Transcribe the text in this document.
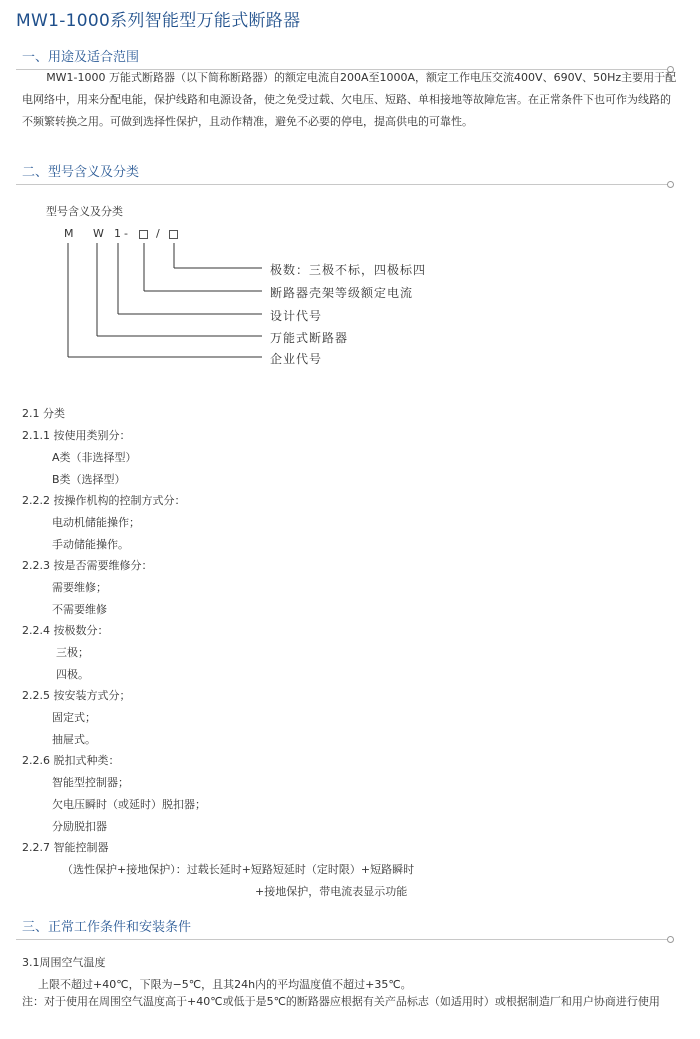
MW1-1000系列智能型万能式断路器
一、用途及适合范围
MW1-1000 万能式断路器（以下简称断路器）的额定电流自200A至1000A，额定工作电压交流400V、690V、50Hz主要用于配电网络中，用来分配电能，保护线路和电源设备，使之免受过载、欠电压、短路、单相接地等故障危害。在正常条件下也可作为线路的不频繁转换之用。可做到选择性保护，且动作精准，避免不必要的停电，提高供电的可靠性。
二、型号含义及分类
型号含义及分类
M W 1 -	/
极数：三极不标，四极标四
断路器壳架等级额定电流
设计代号
万能式断路器
企业代号
2.1 分类
2.1.1 按使用类别分：
A类（非选择型）
B类（选择型）
2.2.2 按操作机构的控制方式分：
电动机储能操作；
手动储能操作。
2.2.3 按是否需要维修分：
需要维修；
不需要维修
2.2.4 按极数分：
三极；
四极。
2.2.5 按安装方式分；
固定式；
抽屉式。
2.2.6 脱扣式种类：
智能型控制器；
欠电压瞬时（或延时）脱扣器；
分励脱扣器
2.2.7 智能控制器
（选性保护+接地保护）：过载长延时+短路短延时（定时限）+短路瞬时
+接地保护，带电流表显示功能
三、正常工作条件和安装条件
3.1周围空气温度
上限不超过+40℃，下限为−5℃，且其24h内的平均温度值不超过+35℃。
注：对于使用在周围空气温度高于+40℃或低于是5℃的断路器应根据有关产品标志（如适用时）或根据制造厂和用户协商进行使用
